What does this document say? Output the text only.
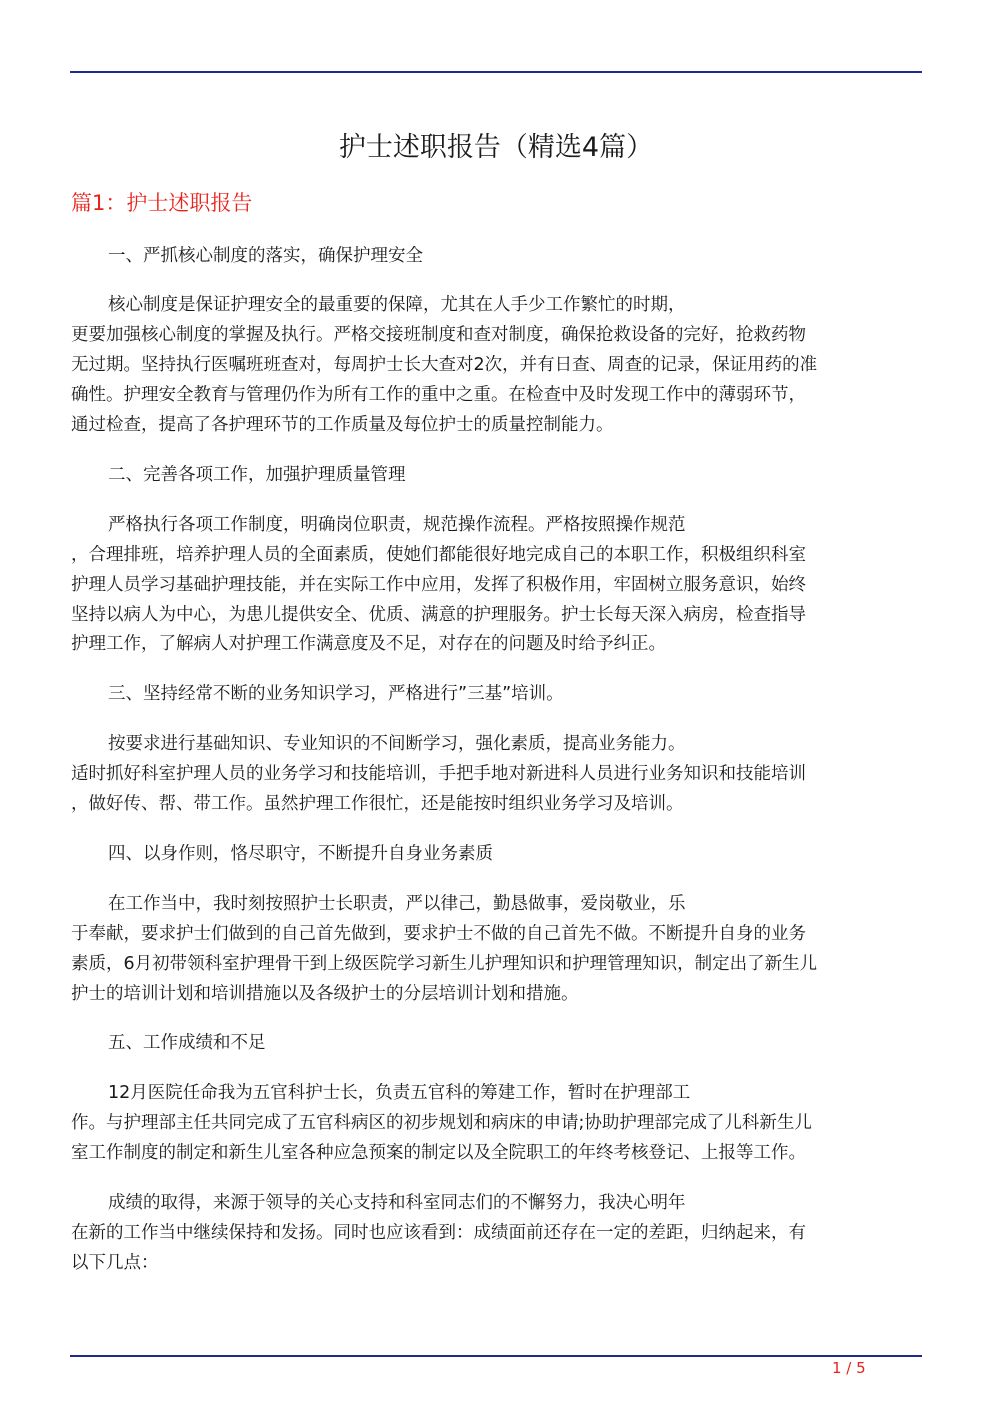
护士述职报告（精选4篇）
篇1：护士述职报告
一、严抓核心制度的落实，确保护理安全
核心制度是保证护理安全的最重要的保障，尤其在人手少工作繁忙的时期，
更要加强核心制度的掌握及执行。严格交接班制度和查对制度，确保抢救设备的完好，抢救药物
无过期。坚持执行医嘱班班查对，每周护士长大查对2次，并有日查、周查的记录，保证用药的准
确性。护理安全教育与管理仍作为所有工作的重中之重。在检查中及时发现工作中的薄弱环节，
通过检查，提高了各护理环节的工作质量及每位护士的质量控制能力。
二、完善各项工作，加强护理质量管理
严格执行各项工作制度，明确岗位职责，规范操作流程。严格按照操作规范
，合理排班，培养护理人员的全面素质，使她们都能很好地完成自己的本职工作，积极组织科室
护理人员学习基础护理技能，并在实际工作中应用，发挥了积极作用，牢固树立服务意识，始终
坚持以病人为中心，为患儿提供安全、优质、满意的护理服务。护士长每天深入病房，检查指导
护理工作，了解病人对护理工作满意度及不足，对存在的问题及时给予纠正。
三、坚持经常不断的业务知识学习，严格进行”三基”培训。
按要求进行基础知识、专业知识的不间断学习，强化素质，提高业务能力。
适时抓好科室护理人员的业务学习和技能培训，手把手地对新进科人员进行业务知识和技能培训
，做好传、帮、带工作。虽然护理工作很忙，还是能按时组织业务学习及培训。
四、以身作则，恪尽职守，不断提升自身业务素质
在工作当中，我时刻按照护士长职责，严以律己，勤恳做事，爱岗敬业，乐
于奉献，要求护士们做到的自己首先做到，要求护士不做的自己首先不做。不断提升自身的业务
素质，6月初带领科室护理骨干到上级医院学习新生儿护理知识和护理管理知识，制定出了新生儿
护士的培训计划和培训措施以及各级护士的分层培训计划和措施。
五、工作成绩和不足
12月医院任命我为五官科护士长，负责五官科的筹建工作，暂时在护理部工
作。与护理部主任共同完成了五官科病区的初步规划和病床的申请;协助护理部完成了儿科新生儿
室工作制度的制定和新生儿室各种应急预案的制定以及全院职工的年终考核登记、上报等工作。
成绩的取得，来源于领导的关心支持和科室同志们的不懈努力，我决心明年
在新的工作当中继续保持和发扬。同时也应该看到：成绩面前还存在一定的差距，归纳起来，有
以下几点：
1 / 5
